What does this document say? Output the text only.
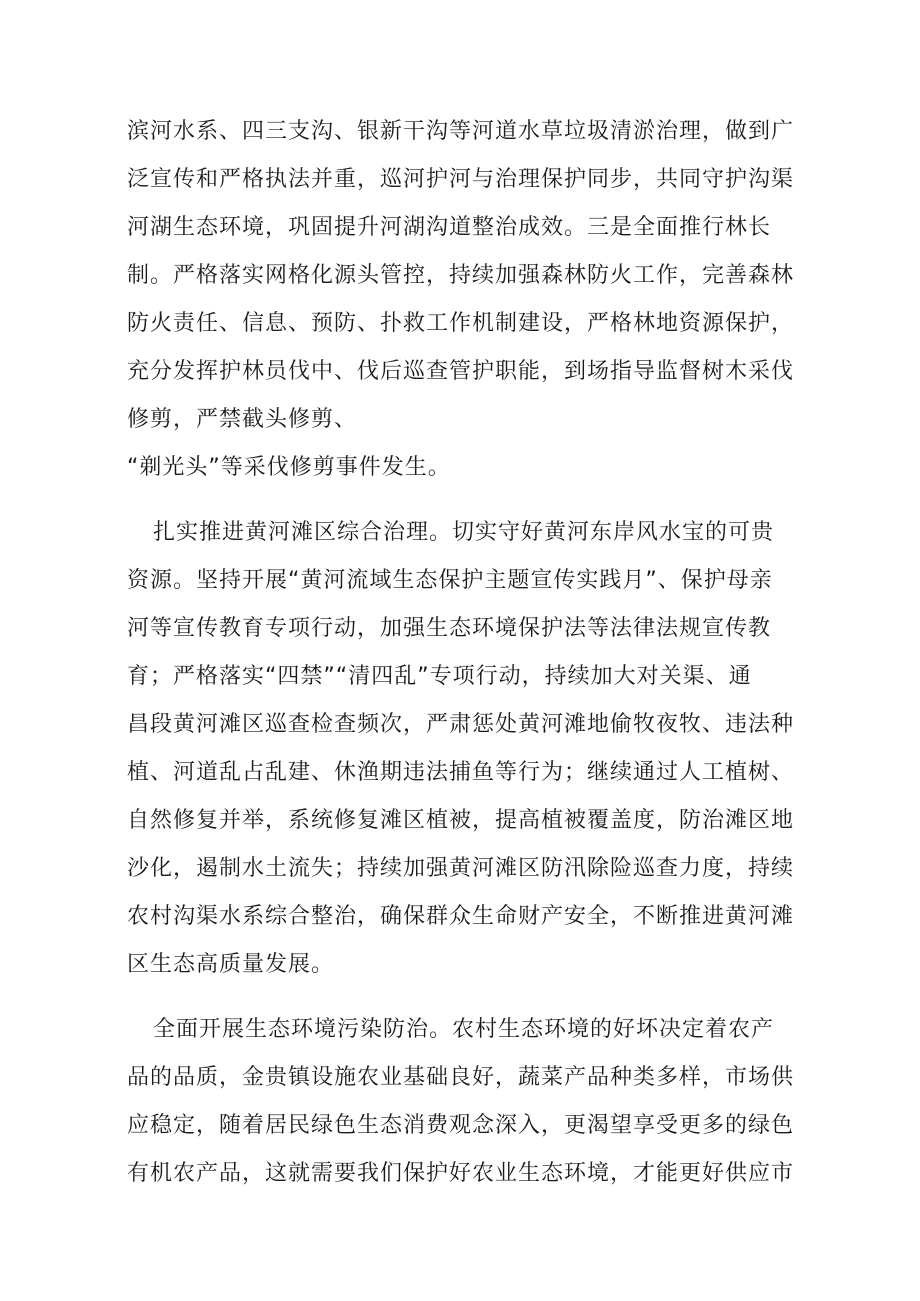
滨河水系、四三支沟、银新干沟等河道水草垃圾清淤治理，做到广
泛宣传和严格执法并重，巡河护河与治理保护同步，共同守护沟渠
河湖生态环境，巩固提升河湖沟道整治成效。三是全面推行林长
制。严格落实网格化源头管控，持续加强森林防火工作，完善森林
防火责任、信息、预防、扑救工作机制建设，严格林地资源保护，
充分发挥护林员伐中、伐后巡查管护职能，到场指导监督树木采伐
修剪，严禁截头修剪、
“剃光头”等采伐修剪事件发生。
扎实推进黄河滩区综合治理。切实守好黄河东岸风水宝的可贵
资源。坚持开展“黄河流域生态保护主题宣传实践月”、保护母亲
河等宣传教育专项行动，加强生态环境保护法等法律法规宣传教
育；严格落实“四禁”“清四乱”专项行动，持续加大对关渠、通
昌段黄河滩区巡查检查频次，严肃惩处黄河滩地偷牧夜牧、违法种
植、河道乱占乱建、休渔期违法捕鱼等行为；继续通过人工植树、
自然修复并举，系统修复滩区植被，提高植被覆盖度，防治滩区地
沙化，遏制水土流失；持续加强黄河滩区防汛除险巡查力度，持续
农村沟渠水系综合整治，确保群众生命财产安全，不断推进黄河滩
区生态高质量发展。
全面开展生态环境污染防治。农村生态环境的好坏决定着农产
品的品质，金贵镇设施农业基础良好，蔬菜产品种类多样，市场供
应稳定，随着居民绿色生态消费观念深入，更渴望享受更多的绿色
有机农产品，这就需要我们保护好农业生态环境，才能更好供应市
